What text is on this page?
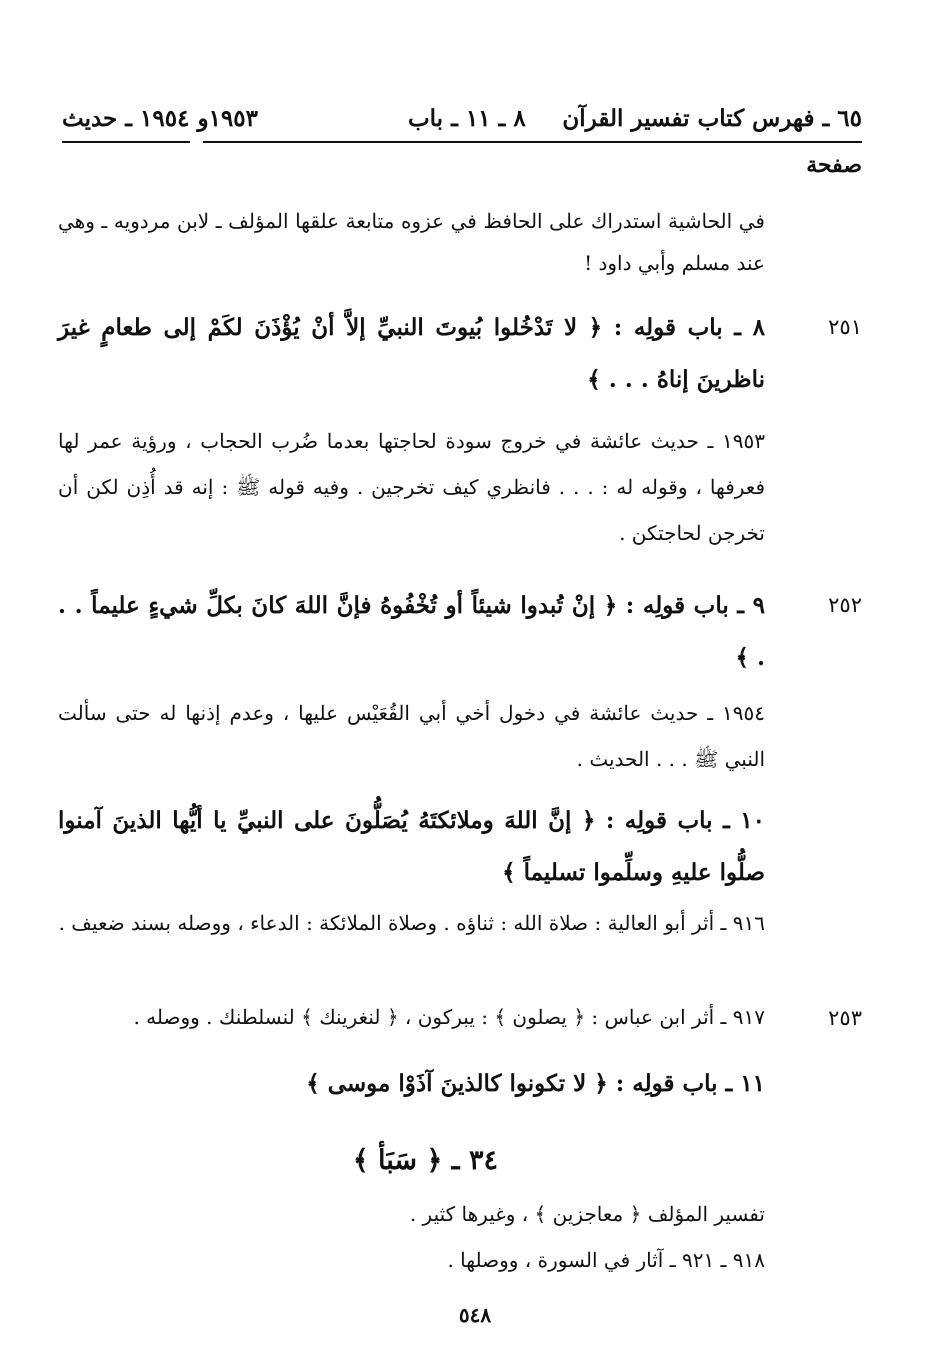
٦٥ ـ فهرس كتاب تفسير القرآن
٨ ـ ١١ ـ باب
١٩٥٣و ١٩٥٤ ـ حديث
صفحة
في الحاشية استدراك على الحافظ في عزوه متابعة علقها المؤلف ـ لابن مردويه ـ وهي عند مسلم وأبي داود !
٢٥١
٨ ـ باب قولِه : ﴿ لا تَدْخُلوا بُيوتَ النبيِّ إلاَّ أنْ يُؤْذَنَ لكَمْ إلى طعامٍ غيرَ ناظرينَ إناهُ . . . ﴾
١٩٥٣ ـ حديث عائشة في خروج سودة لحاجتها بعدما ضُرب الحجاب ، ورؤية عمر لها فعرفها ، وقوله له : . . . فانظري كيف تخرجين . وفيه قوله ﷺ : إنه قد أُذِن لكن أن تخرجن لحاجتكن .
٢٥٢
٩ ـ باب قولِه : ﴿ إنْ تُبدوا شيئاً أو تُخْفُوهُ فإنَّ اللهَ كانَ بكلِّ شيءٍ عليماً . . . ﴾
١٩٥٤ ـ حديث عائشة في دخول أخي أبي القُعَيْس عليها ، وعدم إذنها له حتى سألت النبي ﷺ . . . الحديث .
١٠ ـ باب قولِه : ﴿ إنَّ اللهَ وملائكتَهُ يُصَلُّونَ على النبيِّ يا أيُّها الذينَ آمنوا صلُّوا عليهِ وسلِّموا تسليماً ﴾
٩١٦ ـ أثر أبو العالية : صلاة الله : ثناؤه . وصلاة الملائكة : الدعاء ، ووصله بسند ضعيف .
٢٥٣
٩١٧ ـ أثر ابن عباس : ﴿ يصلون ﴾ : يبركون ، ﴿ لنغرينك ﴾ لنسلطنك . ووصله .
١١ ـ باب قولِه : ﴿ لا تكونوا كالذينَ آذَوْا موسى ﴾
٣٤ ـ ﴿ سَبَأ ﴾
تفسير المؤلف ﴿ معاجزين ﴾ ، وغيرها كثير .
٩١٨ ـ ٩٢١ ـ آثار في السورة ، ووصلها .
٥٤٨
